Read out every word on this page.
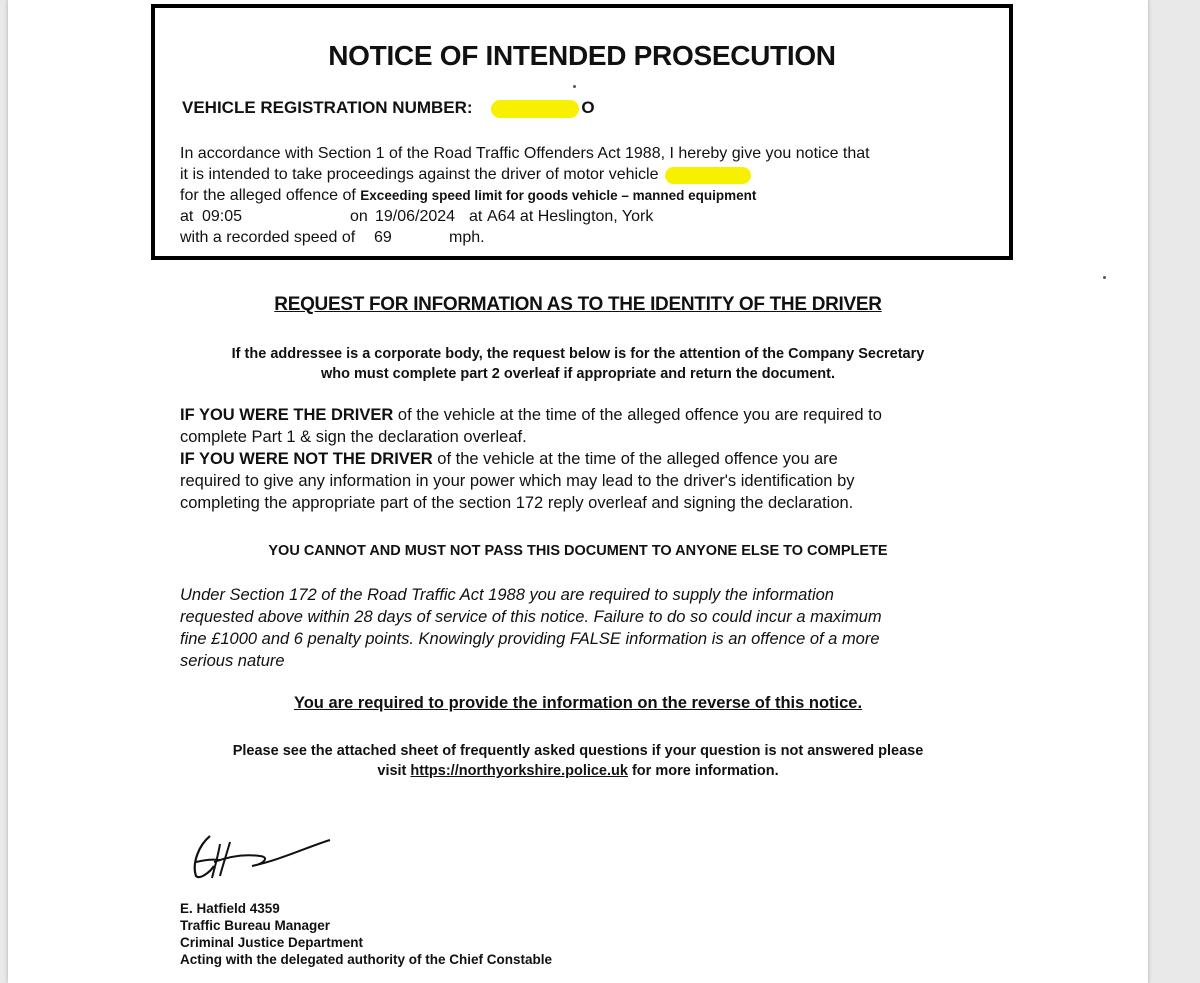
NOTICE OF INTENDED PROSECUTION
VEHICLE REGISTRATION NUMBER:	O
In accordance with Section 1 of the Road Traffic Offenders Act 1988, I hereby give you notice that
it is intended to take proceedings against the driver of motor vehicle
for the alleged offence of Exceeding speed limit for goods vehicle – manned equipment
at 09:05	on 19/06/2024 at A64 at Heslington, York
with a recorded speed of 69	mph.
REQUEST FOR INFORMATION AS TO THE IDENTITY OF THE DRIVER
If the addressee is a corporate body, the request below is for the attention of the Company Secretary
who must complete part 2 overleaf if appropriate and return the document.
IF YOU WERE THE DRIVER of the vehicle at the time of the alleged offence you are required to
complete Part 1 & sign the declaration overleaf.
IF YOU WERE NOT THE DRIVER of the vehicle at the time of the alleged offence you are
required to give any information in your power which may lead to the driver's identification by
completing the appropriate part of the section 172 reply overleaf and signing the declaration.
YOU CANNOT AND MUST NOT PASS THIS DOCUMENT TO ANYONE ELSE TO COMPLETE
Under Section 172 of the Road Traffic Act 1988 you are required to supply the information
requested above within 28 days of service of this notice. Failure to do so could incur a maximum
fine £1000 and 6 penalty points. Knowingly providing FALSE information is an offence of a more
serious nature
You are required to provide the information on the reverse of this notice.
Please see the attached sheet of frequently asked questions if your question is not answered please
visit https://northyorkshire.police.uk for more information.
E. Hatfield 4359
Traffic Bureau Manager
Criminal Justice Department
Acting with the delegated authority of the Chief Constable
